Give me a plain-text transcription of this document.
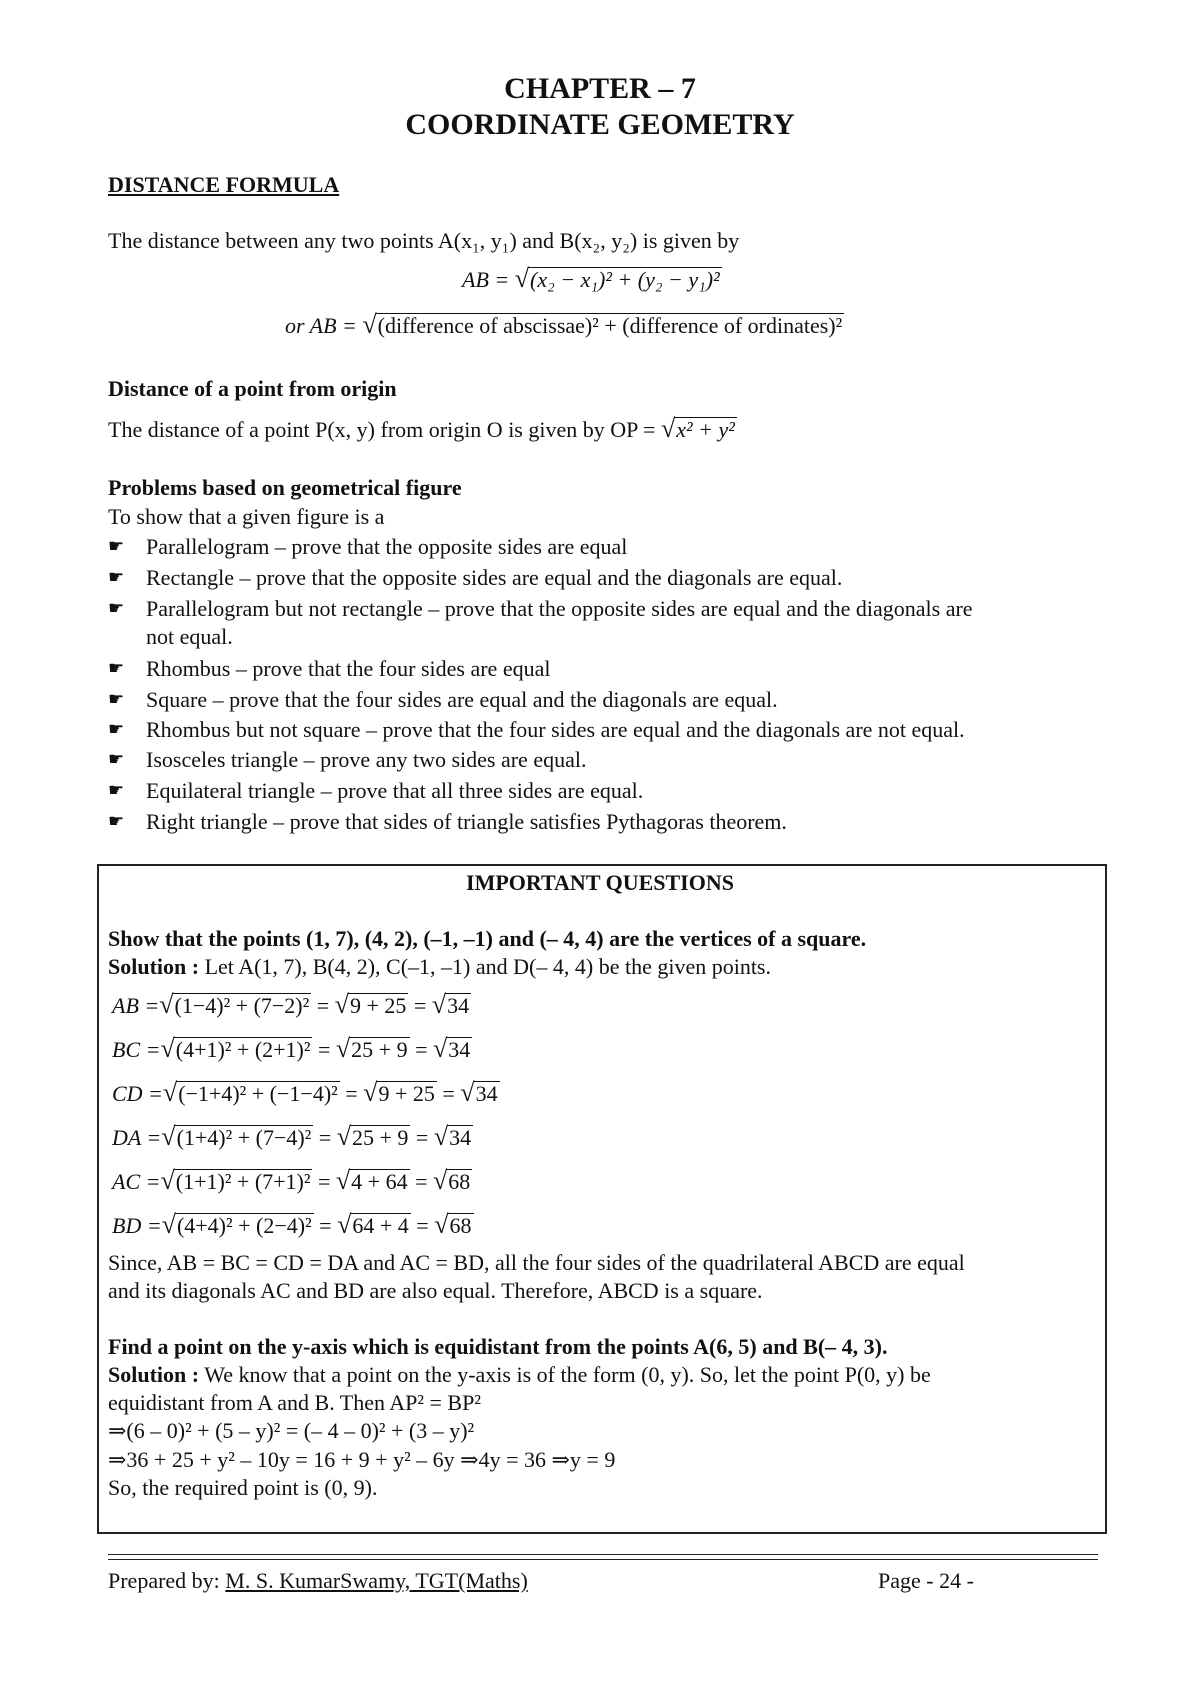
CHAPTER – 7
COORDINATE GEOMETRY
DISTANCE FORMULA
The distance between any two points A(x₁, y₁) and B(x₂, y₂) is given by
AB = √(x₂ − x₁)² + (y₂ − y₁)²
or AB = √(difference of abscissae)² + (difference of ordinates)²
Distance of a point from origin
The distance of a point P(x, y) from origin O is given by OP = √x² + y²
Problems based on geometrical figure
To show that a given figure is a
☛ Parallelogram – prove that the opposite sides are equal
☛ Rectangle – prove that the opposite sides are equal and the diagonals are equal.
☛ Parallelogram but not rectangle – prove that the opposite sides are equal and the diagonals are
not equal.
☛ Rhombus – prove that the four sides are equal
☛ Square – prove that the four sides are equal and the diagonals are equal.
☛ Rhombus but not square – prove that the four sides are equal and the diagonals are not equal.
☛ Isosceles triangle – prove any two sides are equal.
☛ Equilateral triangle – prove that all three sides are equal.
☛ Right triangle – prove that sides of triangle satisfies Pythagoras theorem.
IMPORTANT QUESTIONS
Show that the points (1, 7), (4, 2), (–1, –1) and (– 4, 4) are the vertices of a square.
Solution : Let A(1, 7), B(4, 2), C(–1, –1) and D(– 4, 4) be the given points.
AB =√(1−4)² + (7−2)² = √9 + 25 = √34
BC =√(4+1)² + (2+1)² = √25 + 9 = √34
CD =√(−1+4)² + (−1−4)² = √9 + 25 = √34
DA =√(1+4)² + (7−4)² = √25 + 9 = √34
AC =√(1+1)² + (7+1)² = √4 + 64 = √68
BD =√(4+4)² + (2−4)² = √64 + 4 = √68
Since, AB = BC = CD = DA and AC = BD, all the four sides of the quadrilateral ABCD are equal
and its diagonals AC and BD are also equal. Therefore, ABCD is a square.
Find a point on the y-axis which is equidistant from the points A(6, 5) and B(– 4, 3).
Solution : We know that a point on the y-axis is of the form (0, y). So, let the point P(0, y) be
equidistant from A and B. Then AP² = BP²
⇒(6 – 0)² + (5 – y)² = (– 4 – 0)² + (3 – y)²
⇒36 + 25 + y² – 10y = 16 + 9 + y² – 6y ⇒4y = 36 ⇒y = 9
So, the required point is (0, 9).
Prepared by: M. S. KumarSwamy, TGT(Maths)	Page - 24 -
